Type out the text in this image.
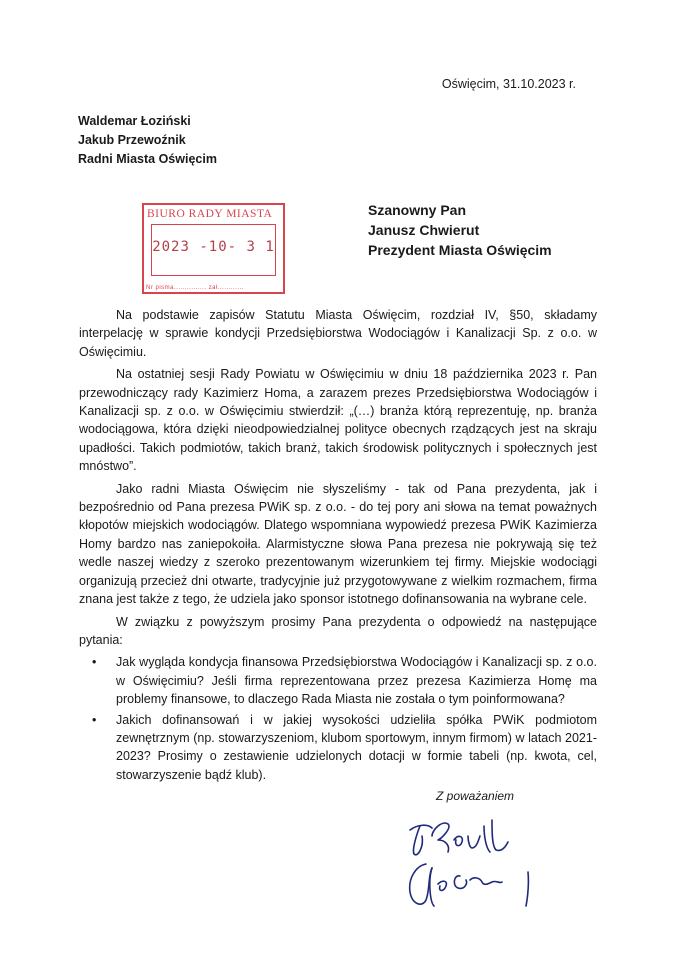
Oświęcim, 31.10.2023 r.
Waldemar Łoziński
Jakub Przewoźnik
Radni Miasta Oświęcim
BIURO RADY MIASTA
2023 -10- 3 1
Nr pisma............... zał............
Szanowny Pan
Janusz Chwierut
Prezydent Miasta Oświęcim

Na podstawie zapisów Statutu Miasta Oświęcim, rozdział IV, §50, składamy interpelację w sprawie kondycji Przedsiębiorstwa Wodociągów i Kanalizacji Sp. z o.o. w Oświęcimiu.

Na ostatniej sesji Rady Powiatu w Oświęcimiu w dniu 18 października 2023 r. Pan przewodniczący rady Kazimierz Homa, a zarazem prezes Przedsiębiorstwa Wodociągów i Kanalizacji sp. z o.o. w Oświęcimiu stwierdził: „(…) branża którą reprezentuję, np. branża wodociągowa, która dzięki nieodpowiedzialnej polityce obecnych rządzących jest na skraju upadłości. Takich podmiotów, takich branż, takich środowisk politycznych i społecznych jest mnóstwo”.

Jako radni Miasta Oświęcim nie słyszeliśmy - tak od Pana prezydenta, jak i bezpośrednio od Pana prezesa PWiK sp. z o.o. - do tej pory ani słowa na temat poważnych kłopotów miejskich wodociągów. Dlatego wspomniana wypowiedź prezesa PWiK Kazimierza Homy bardzo nas zaniepokoiła. Alarmistyczne słowa Pana prezesa nie pokrywają się też wedle naszej wiedzy z szeroko prezentowanym wizerunkiem tej firmy. Miejskie wodociągi organizują przecież dni otwarte, tradycyjnie już przygotowywane z wielkim rozmachem, firma znana jest także z tego, że udziela jako sponsor istotnego dofinansowania na wybrane cele.

W związku z powyższym prosimy Pana prezydenta o odpowiedź na następujące pytania:

• Jak wygląda kondycja finansowa Przedsiębiorstwa Wodociągów i Kanalizacji sp. z o.o. w Oświęcimiu? Jeśli firma reprezentowana przez prezesa Kazimierza Homę ma problemy finansowe, to dlaczego Rada Miasta nie została o tym poinformowana?
• Jakich dofinansowań i w jakiej wysokości udzieliła spółka PWiK podmiotom zewnętrznym (np. stowarzyszeniom, klubom sportowym, innym firmom) w latach 2021-2023? Prosimy o zestawienie udzielonych dotacji w formie tabeli (np. kwota, cel, stowarzyszenie bądź klub).
Z poważaniem
